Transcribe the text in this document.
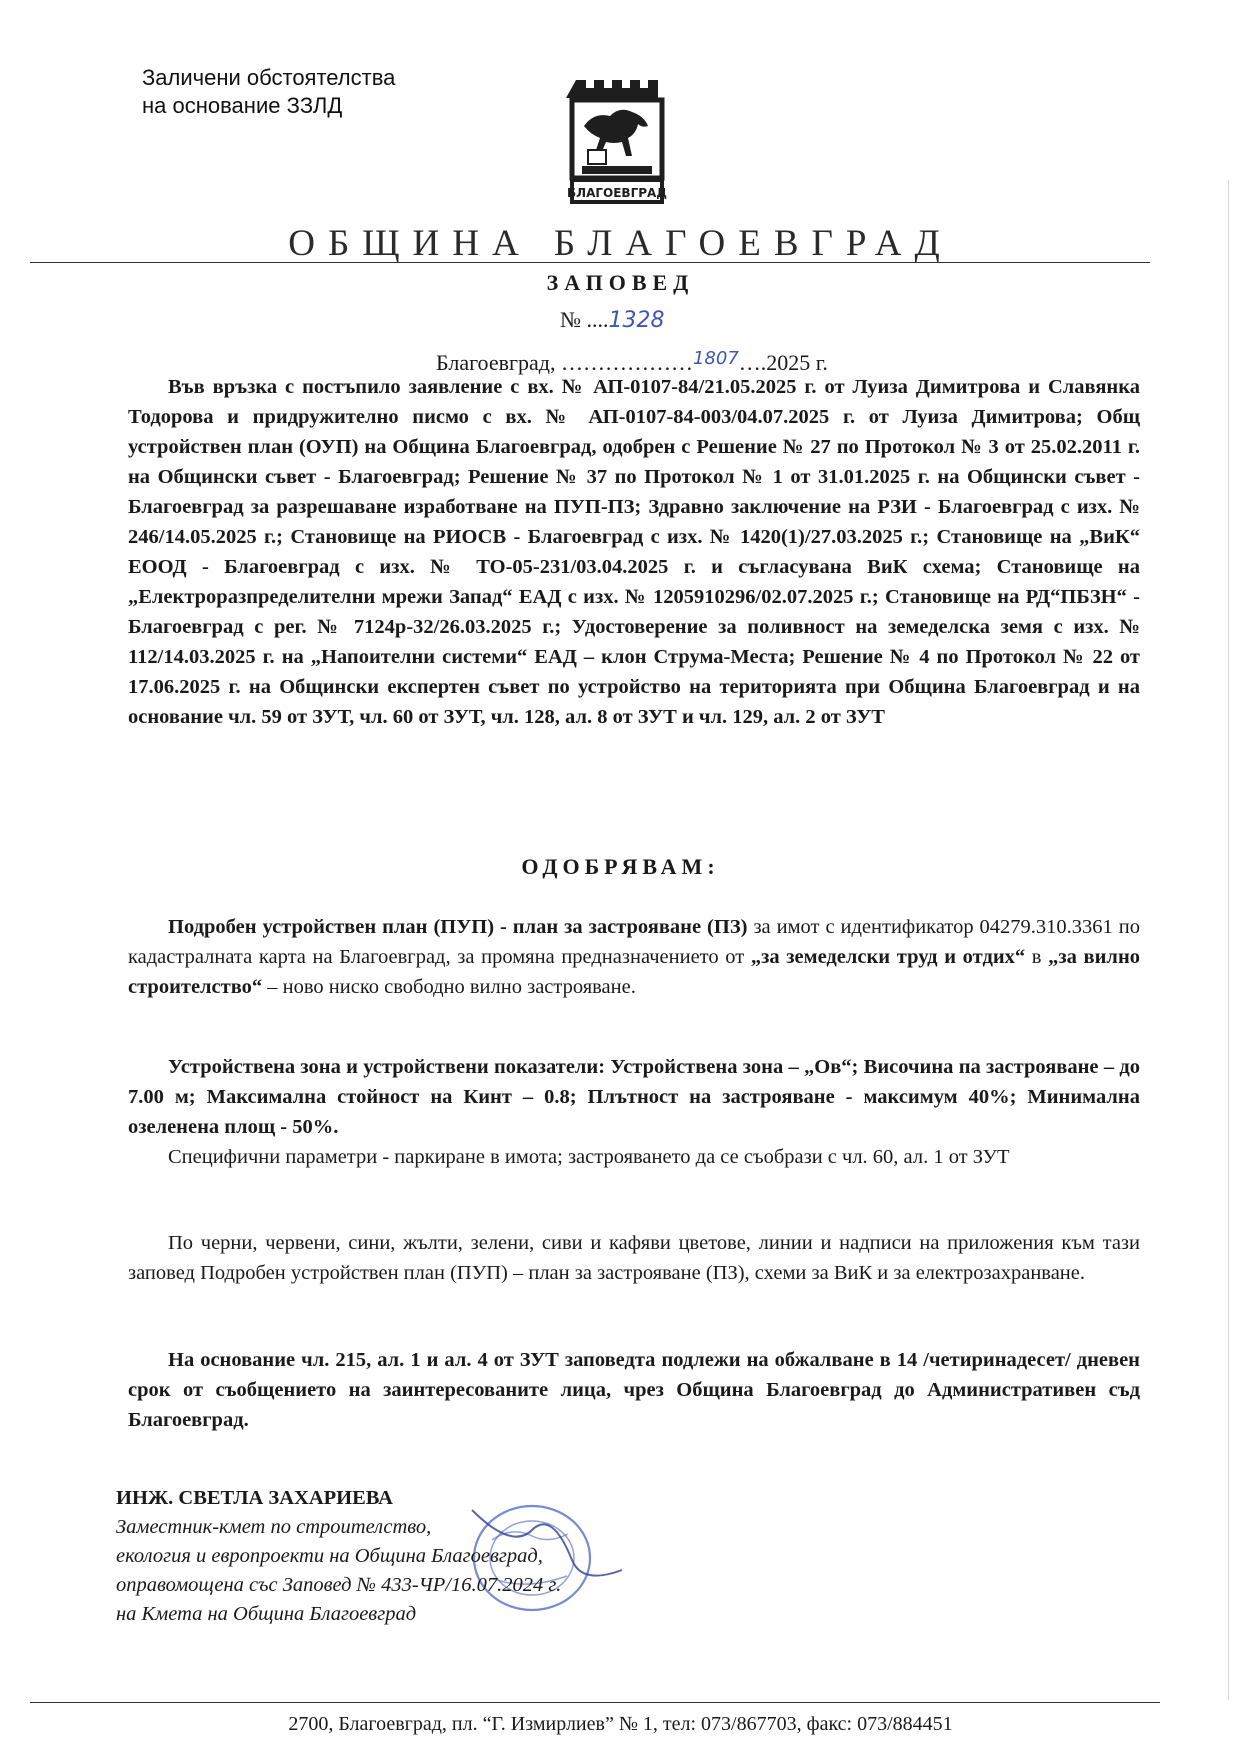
Заличени обстоятелства
на основание ЗЗЛД
БЛАГОЕВГРАД
ОБЩИНА БЛАГОЕВГРАД
ЗАПОВЕД
№ ....1328
Благоевград, ………………$^{1807}$….2025 г.

Във връзка с постъпило заявление с вх. № АП-0107-84/21.05.2025 г. от Луиза Димитрова и Славянка Тодорова и придружително писмо с вх. № АП-0107-84-003/04.07.2025 г. от Луиза Димитрова; Общ устройствен план (ОУП) на Община Благоевград, одобрен с Решение № 27 по Протокол № 3 от 25.02.2011 г. на Общински съвет - Благоевград; Решение № 37 по Протокол № 1 от 31.01.2025 г. на Общински съвет - Благоевград за разрешаване изработване на ПУП-ПЗ; Здравно заключение на РЗИ - Благоевград с изх. № 246/14.05.2025 г.; Становище на РИОСВ - Благоевград с изх. № 1420(1)/27.03.2025 г.; Становище на „ВиК“ ЕООД - Благоевград с изх. № ТО-05-231/03.04.2025 г. и съгласувана ВиК схема; Становище на „Електроразпределителни мрежи Запад“ ЕАД с изх. № 1205910296/02.07.2025 г.; Становище на РД“ПБЗН“ - Благоевград с рег. № 7124р-32/26.03.2025 г.; Удостоверение за поливност на земеделска земя с изх. № 112/14.03.2025 г. на „Напоителни системи“ ЕАД – клон Струма-Места; Решение № 4 по Протокол № 22 от 17.06.2025 г. на Общински експертен съвет по устройство на територията при Община Благоевград и на основание чл. 59 от ЗУТ, чл. 60 от ЗУТ, чл. 128, ал. 8 от ЗУТ и чл. 129, ал. 2 от ЗУТ

ОДОБРЯВАМ:

Подробен устройствен план (ПУП) - план за застрояване (ПЗ) за имот с идентификатор 04279.310.3361 по кадастралната карта на Благоевград, за промяна предназначението от „за земеделски труд и отдих“ в „за вилно строителство“ – ново ниско свободно вилно застрояване.

Устройствена зона и устройствени показатели: Устройствена зона – „Ов“; Височина па застрояване – до 7.00 м; Максимална стойност на Кинт – 0.8; Плътност на застрояване - максимум 40%; Минимална озеленена площ - 50%.

Специфични параметри - паркиране в имота; застрояването да се съобрази с чл. 60, ал. 1 от ЗУТ

По черни, червени, сини, жълти, зелени, сиви и кафяви цветове, линии и надписи на приложения към тази заповед Подробен устройствен план (ПУП) – план за застрояване (ПЗ), схеми за ВиК и за електрозахранване.

На основание чл. 215, ал. 1 и ал. 4 от ЗУТ заповедта подлежи на обжалване в 14 /четиринадесет/ дневен срок от съобщението на заинтересованите лица, чрез Община Благоевград до Административен съд Благоевград.

ИНЖ. СВЕТЛА ЗАХАРИЕВА
Заместник-кмет по строителство,
екология и европроекти на Община Благоевград,
оправомощена със Заповед № 433-ЧР/16.07.2024 г.
на Кмета на Община Благоевград
2700, Благоевград, пл. “Г. Измирлиев” № 1, тел: 073/867703, факс: 073/884451
